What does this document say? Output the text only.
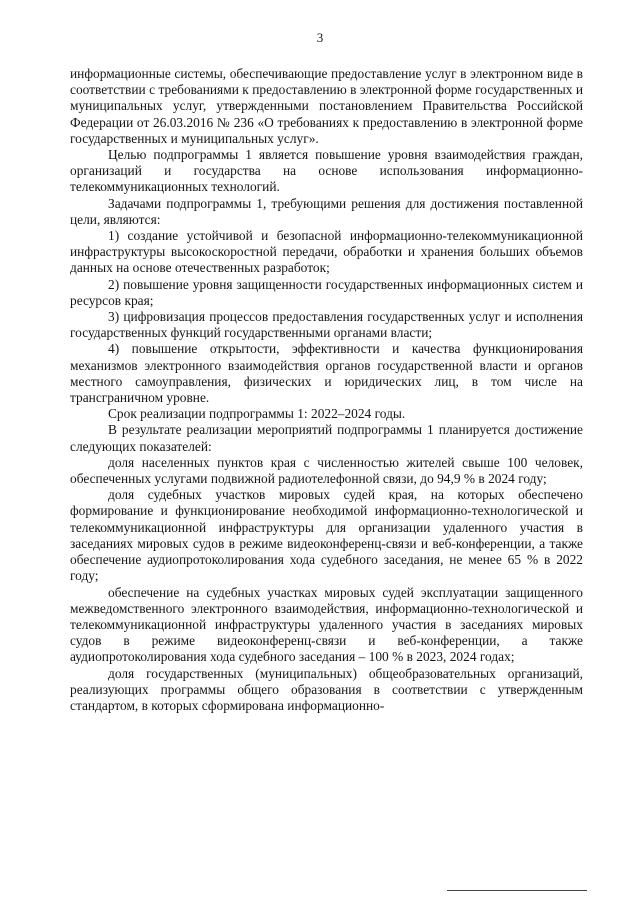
3

информационные системы, обеспечивающие предоставление услуг в электронном виде в соответствии с требованиями к предоставлению в электронной форме государственных и муниципальных услуг, утвержденными постановлением Правительства Российской Федерации от 26.03.2016 № 236 «О требованиях к предоставлению в электронной форме государственных и муниципальных услуг».

Целью подпрограммы 1 является повышение уровня взаимодействия граждан, организаций и государства на основе использования информационно-телекоммуникационных технологий.

Задачами подпрограммы 1, требующими решения для достижения поставленной цели, являются:

1) создание устойчивой и безопасной информационно-телекоммуникационной инфраструктуры высокоскоростной передачи, обработки и хранения больших объемов данных на основе отечественных разработок;

2) повышение уровня защищенности государственных информационных систем и ресурсов края;

3) цифровизация процессов предоставления государственных услуг и исполнения государственных функций государственными органами власти;

4) повышение открытости, эффективности и качества функционирования механизмов электронного взаимодействия органов государственной власти и органов местного самоуправления, физических и юридических лиц, в том числе на трансграничном уровне.

Срок реализации подпрограммы 1: 2022–2024 годы.

В результате реализации мероприятий подпрограммы 1 планируется достижение следующих показателей:

доля населенных пунктов края с численностью жителей свыше 100 человек, обеспеченных услугами подвижной радиотелефонной связи, до 94,9 % в 2024 году;

доля судебных участков мировых судей края, на которых обеспечено формирование и функционирование необходимой информационно-технологической и телекоммуникационной инфраструктуры для организации удаленного участия в заседаниях мировых судов в режиме видеоконференц-связи и веб-конференции, а также обеспечение аудиопротоколирования хода судебного заседания, не менее 65 % в 2022 году;

обеспечение на судебных участках мировых судей эксплуатации защищенного межведомственного электронного взаимодействия, информационно-технологической и телекоммуникационной инфраструктуры удаленного участия в заседаниях мировых судов в режиме видеоконференц-связи и веб-конференции, а также аудиопротоколирования хода судебного заседания – 100 % в 2023, 2024 годах;

доля государственных (муниципальных) общеобразовательных организаций, реализующих программы общего образования в соответствии с утвержденным стандартом, в которых сформирована информационно-
